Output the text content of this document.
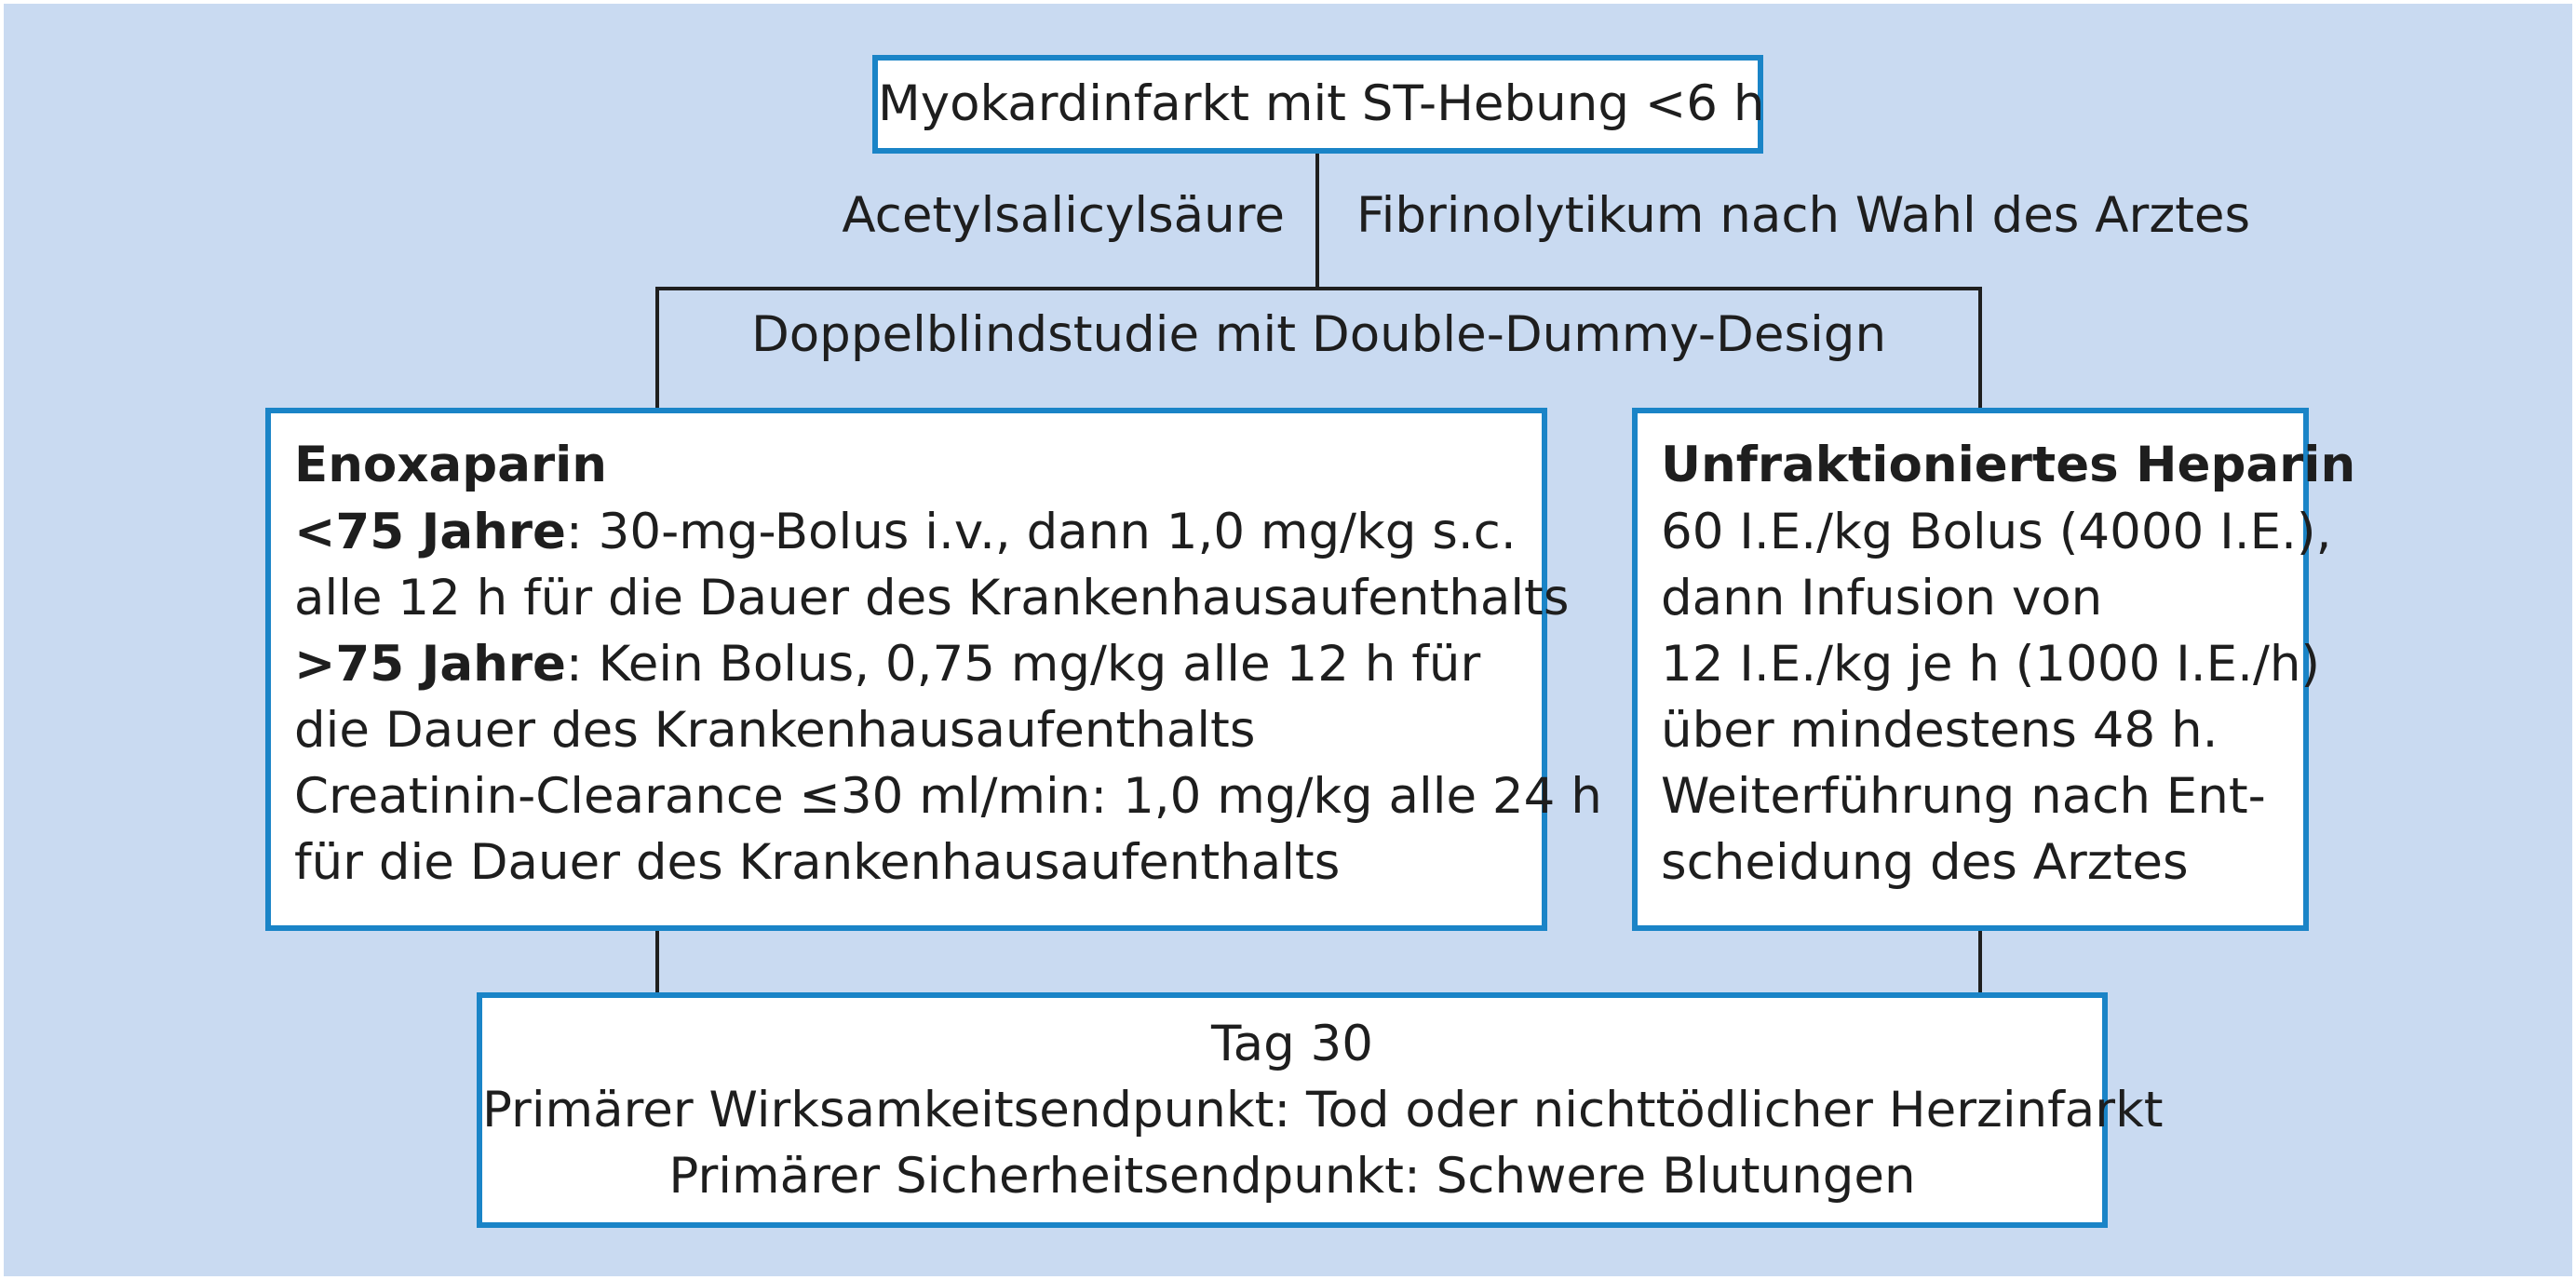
Myokardinfarkt mit ST-Hebung <6 h
Acetylsalicylsäure Fibrinolytikum nach Wahl des Arztes
Doppelblindstudie mit Double-Dummy-Design
Enoxaparin
<75 Jahre: 30-mg-Bolus i.v., dann 1,0 mg/kg s.c.
alle 12 h für die Dauer des Krankenhausaufenthalts
>75 Jahre: Kein Bolus, 0,75 mg/kg alle 12 h für
die Dauer des Krankenhausaufenthalts
Creatinin-Clearance ≤30 ml/min: 1,0 mg/kg alle 24 h
für die Dauer des Krankenhausaufenthalts
Unfraktioniertes Heparin
60 I.E./kg Bolus (4000 I.E.),
dann Infusion von
12 I.E./kg je h (1000 I.E./h)
über mindestens 48 h.
Weiterführung nach Ent-
scheidung des Arztes
Tag 30
Primärer Wirksamkeitsendpunkt: Tod oder nichttödlicher Herzinfarkt
Primärer Sicherheitsendpunkt: Schwere Blutungen
